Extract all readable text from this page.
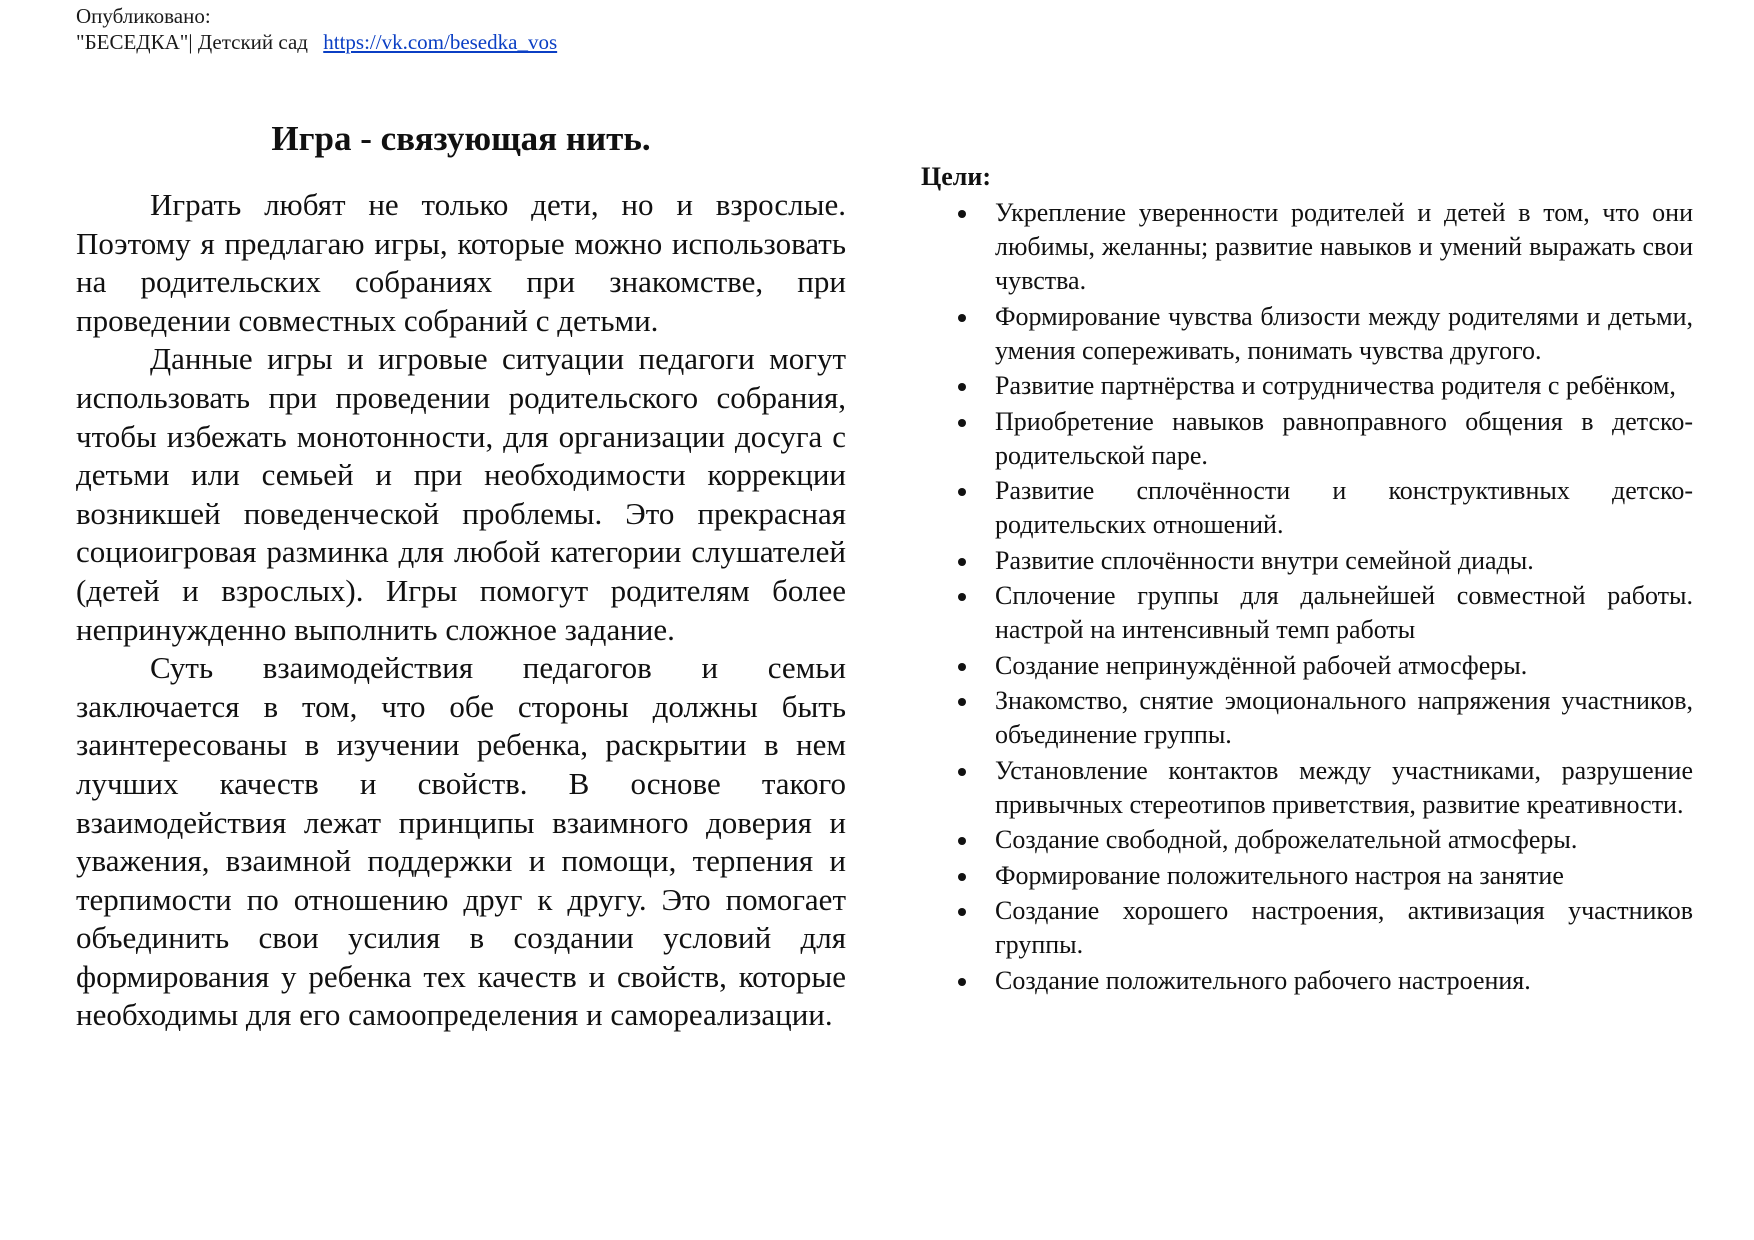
Опубликовано:
"БЕСЕДКА"| Детский сад https://vk.com/besedka_vos
Игра - связующая нить.

Играть любят не только дети, но и взрослые. Поэтому я предлагаю игры, которые можно использовать на родительских собраниях при знакомстве, при проведении совместных собраний с детьми.

Данные игры и игровые ситуации педагоги могут использовать при проведении родительского собрания, чтобы избежать монотонности, для организации досуга с детьми или семьей и при необходимости коррекции возникшей поведенческой проблемы. Это прекрасная социоигровая разминка для любой категории слушателей (детей и взрослых). Игры помогут родителям более непринужденно выполнить сложное задание.

Суть взаимодействия педагогов и семьи заключается в том, что обе стороны должны быть заинтересованы в изучении ребенка, раскрытии в нем лучших качеств и свойств. В основе такого взаимодействия лежат принципы взаимного доверия и уважения, взаимной поддержки и помощи, терпения и терпимости по отношению друг к другу. Это помогает объединить свои усилия в создании условий для формирования у ребенка тех качеств и свойств, которые необходимы для его самоопределения и самореализации.

Цели:
Укрепление уверенности родителей и детей в том, что они любимы, желанны; развитие навыков и умений выражать свои чувства.
Формирование чувства близости между родителями и детьми, умения сопереживать, понимать чувства другого.
Развитие партнёрства и сотрудничества родителя с ребёнком,
Приобретение навыков равноправного общения в детско-родительской паре.
Развитие сплочённости и конструктивных детско-родительских отношений.
Развитие сплочённости внутри семейной диады.
Сплочение группы для дальнейшей совместной работы. настрой на интенсивный темп работы
Создание непринуждённой рабочей атмосферы.
Знакомство, снятие эмоционального напряжения участников, объединение группы.
Установление контактов между участниками, разрушение привычных стереотипов приветствия, развитие креативности.
Создание свободной, доброжелательной атмосферы.
Формирование положительного настроя на занятие
Создание хорошего настроения, активизация участников группы.
Создание положительного рабочего настроения.
